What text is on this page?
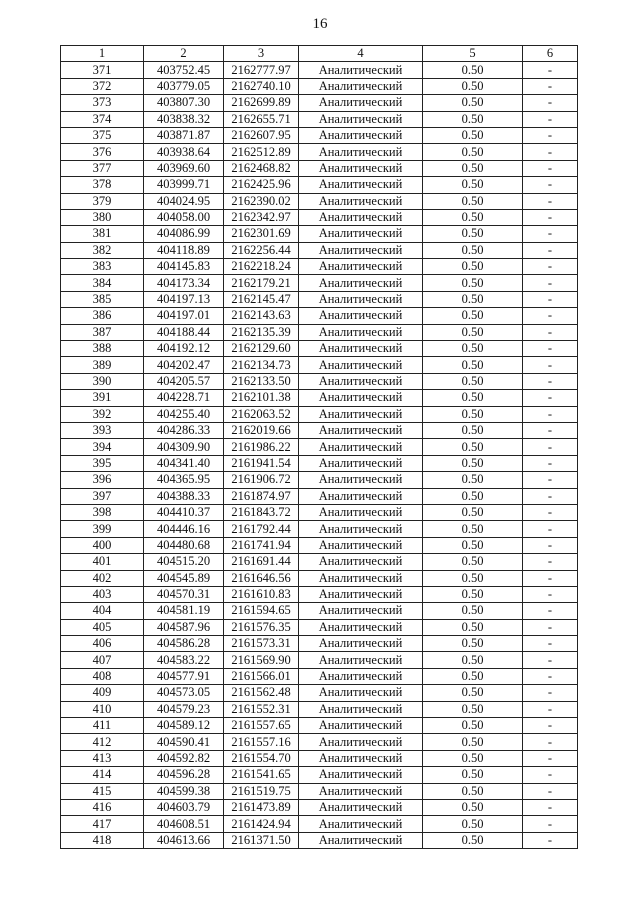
16
1	2	3	4	5	6
371	403752.45	2162777.97	Аналитический	0.50	-
372	403779.05	2162740.10	Аналитический	0.50	-
373	403807.30	2162699.89	Аналитический	0.50	-
374	403838.32	2162655.71	Аналитический	0.50	-
375	403871.87	2162607.95	Аналитический	0.50	-
376	403938.64	2162512.89	Аналитический	0.50	-
377	403969.60	2162468.82	Аналитический	0.50	-
378	403999.71	2162425.96	Аналитический	0.50	-
379	404024.95	2162390.02	Аналитический	0.50	-
380	404058.00	2162342.97	Аналитический	0.50	-
381	404086.99	2162301.69	Аналитический	0.50	-
382	404118.89	2162256.44	Аналитический	0.50	-
383	404145.83	2162218.24	Аналитический	0.50	-
384	404173.34	2162179.21	Аналитический	0.50	-
385	404197.13	2162145.47	Аналитический	0.50	-
386	404197.01	2162143.63	Аналитический	0.50	-
387	404188.44	2162135.39	Аналитический	0.50	-
388	404192.12	2162129.60	Аналитический	0.50	-
389	404202.47	2162134.73	Аналитический	0.50	-
390	404205.57	2162133.50	Аналитический	0.50	-
391	404228.71	2162101.38	Аналитический	0.50	-
392	404255.40	2162063.52	Аналитический	0.50	-
393	404286.33	2162019.66	Аналитический	0.50	-
394	404309.90	2161986.22	Аналитический	0.50	-
395	404341.40	2161941.54	Аналитический	0.50	-
396	404365.95	2161906.72	Аналитический	0.50	-
397	404388.33	2161874.97	Аналитический	0.50	-
398	404410.37	2161843.72	Аналитический	0.50	-
399	404446.16	2161792.44	Аналитический	0.50	-
400	404480.68	2161741.94	Аналитический	0.50	-
401	404515.20	2161691.44	Аналитический	0.50	-
402	404545.89	2161646.56	Аналитический	0.50	-
403	404570.31	2161610.83	Аналитический	0.50	-
404	404581.19	2161594.65	Аналитический	0.50	-
405	404587.96	2161576.35	Аналитический	0.50	-
406	404586.28	2161573.31	Аналитический	0.50	-
407	404583.22	2161569.90	Аналитический	0.50	-
408	404577.91	2161566.01	Аналитический	0.50	-
409	404573.05	2161562.48	Аналитический	0.50	-
410	404579.23	2161552.31	Аналитический	0.50	-
411	404589.12	2161557.65	Аналитический	0.50	-
412	404590.41	2161557.16	Аналитический	0.50	-
413	404592.82	2161554.70	Аналитический	0.50	-
414	404596.28	2161541.65	Аналитический	0.50	-
415	404599.38	2161519.75	Аналитический	0.50	-
416	404603.79	2161473.89	Аналитический	0.50	-
417	404608.51	2161424.94	Аналитический	0.50	-
418	404613.66	2161371.50	Аналитический	0.50	-
